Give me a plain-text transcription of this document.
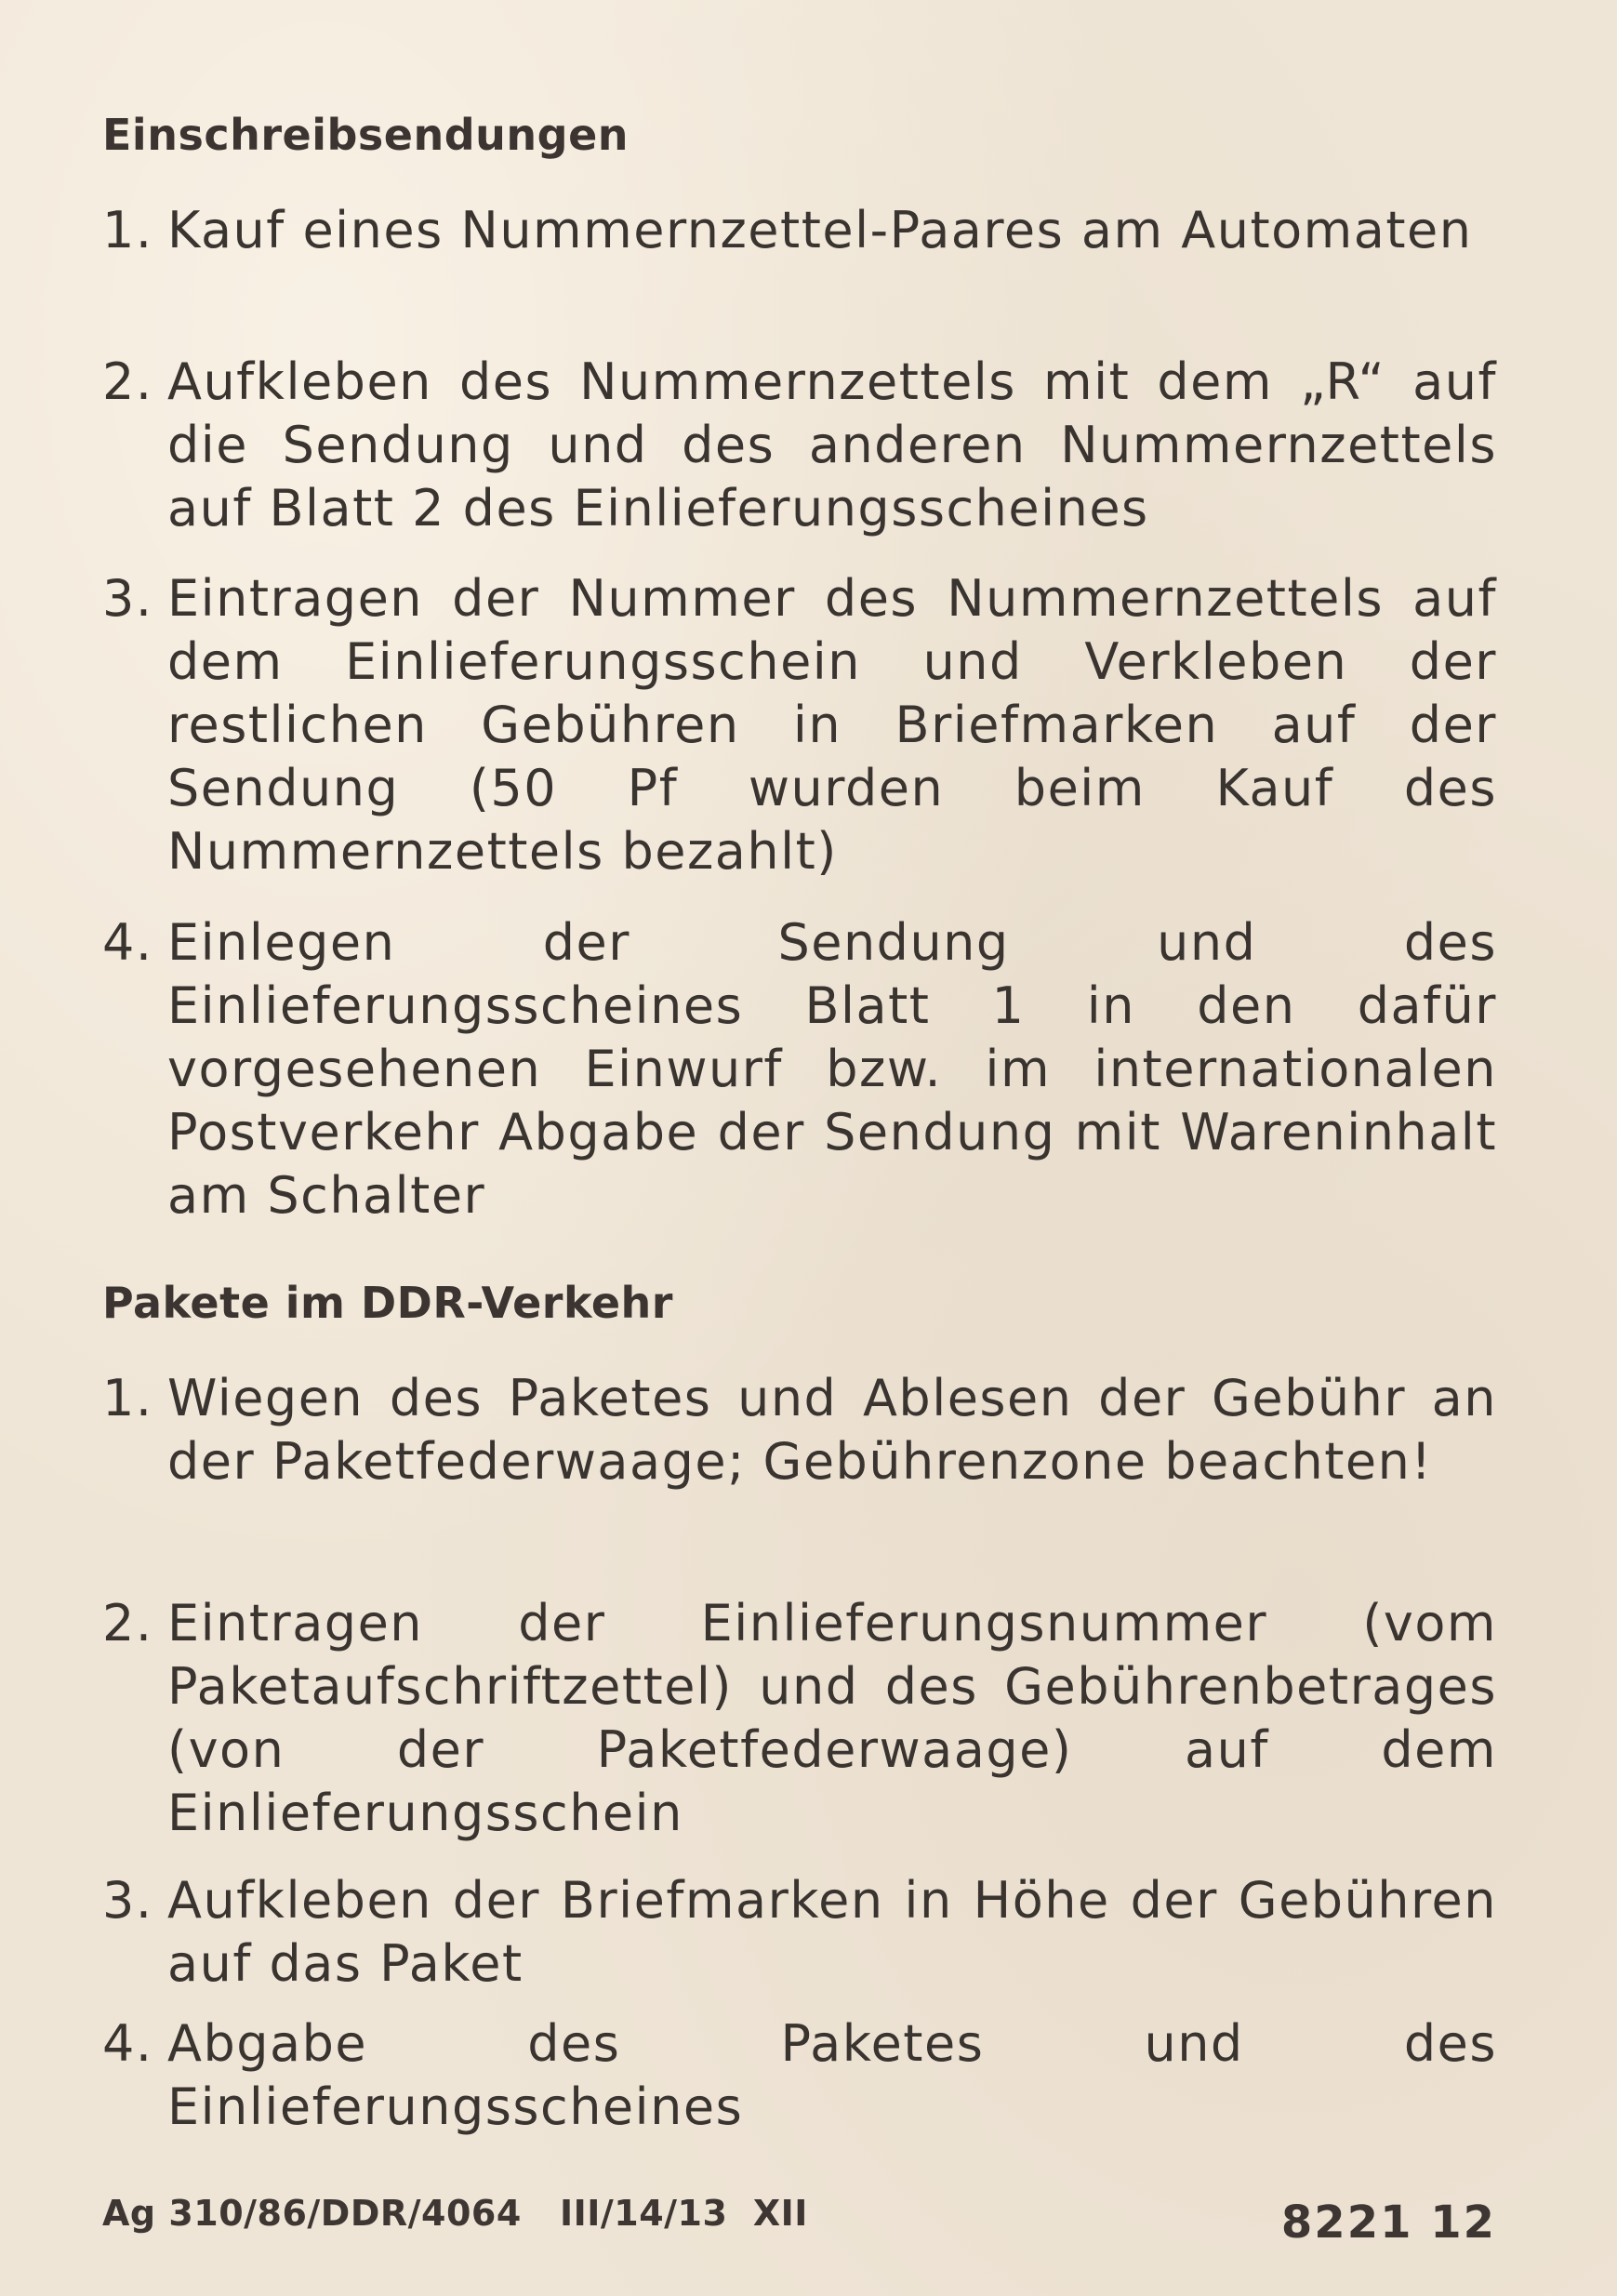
Einschreibsendungen
1. Kauf eines Nummernzettel-Paares am Automaten
2. Aufkleben des Nummernzettels mit dem „R“ auf die Sendung und des anderen Nummernzettels auf Blatt 2 des Einlieferungsscheines
3. Eintragen der Nummer des Nummernzettels auf dem Einlieferungsschein und Verkleben der restlichen Gebühren in Briefmarken auf der Sendung (50 Pf wurden beim Kauf des Nummernzettels bezahlt)
4. Einlegen der Sendung und des Einlieferungsscheines Blatt 1 in den dafür vorgesehenen Einwurf bzw. im internationalen Postverkehr Abgabe der Sendung mit Wareninhalt am Schalter
Pakete im DDR-Verkehr
1. Wiegen des Paketes und Ablesen der Gebühr an der Paketfederwaage; Gebührenzone beachten!
2. Eintragen der Einlieferungsnummer (vom Paketaufschriftzettel) und des Gebührenbetrages (von der Paketfederwaage) auf dem Einlieferungsschein
3. Aufkleben der Briefmarken in Höhe der Gebühren auf das Paket
4. Abgabe des Paketes und des Einlieferungsscheines
Ag 310/86/DDR/4064   III/14/13  XII	8221 12
